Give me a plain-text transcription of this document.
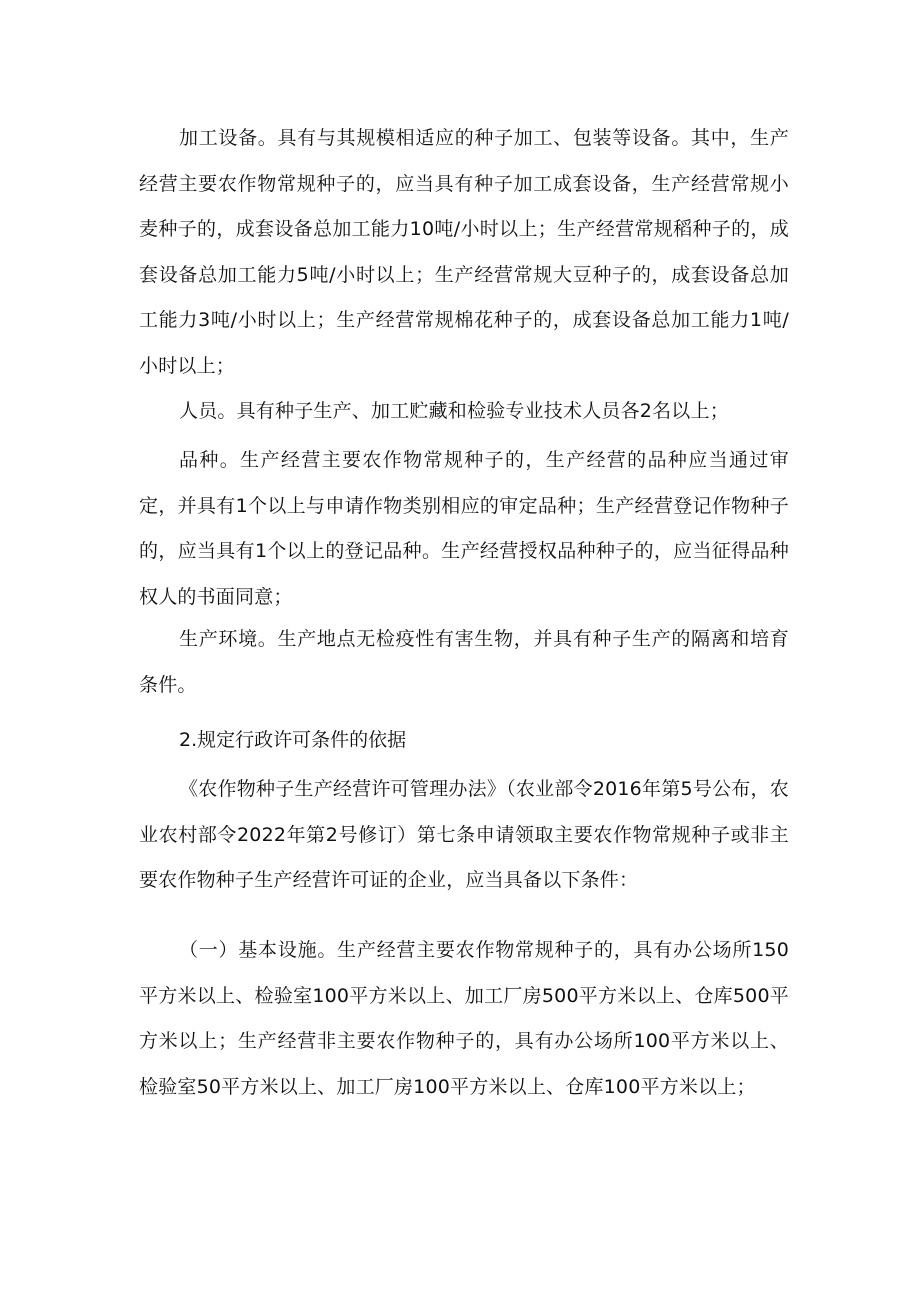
加工设备。具有与其规模相适应的种子加工、包装等设备。其中，生产经营主要农作物常规种子的，应当具有种子加工成套设备，生产经营常规小麦种子的，成套设备总加工能力10吨/小时以上；生产经营常规稻种子的，成套设备总加工能力5吨/小时以上；生产经营常规大豆种子的，成套设备总加工能力3吨/小时以上；生产经营常规棉花种子的，成套设备总加工能力1吨/小时以上；

人员。具有种子生产、加工贮藏和检验专业技术人员各2名以上；

品种。生产经营主要农作物常规种子的，生产经营的品种应当通过审定，并具有1个以上与申请作物类别相应的审定品种；生产经营登记作物种子的，应当具有1个以上的登记品种。生产经营授权品种种子的，应当征得品种权人的书面同意；

生产环境。生产地点无检疫性有害生物，并具有种子生产的隔离和培育条件。

2.规定行政许可条件的依据

《农作物种子生产经营许可管理办法》（农业部令2016年第5号公布，农业农村部令2022年第2号修订）第七条申请领取主要农作物常规种子或非主要农作物种子生产经营许可证的企业，应当具备以下条件：

（一）基本设施。生产经营主要农作物常规种子的，具有办公场所150平方米以上、检验室100平方米以上、加工厂房500平方米以上、仓库500平方米以上；生产经营非主要农作物种子的，具有办公场所100平方米以上、检验室50平方米以上、加工厂房100平方米以上、仓库100平方米以上；
